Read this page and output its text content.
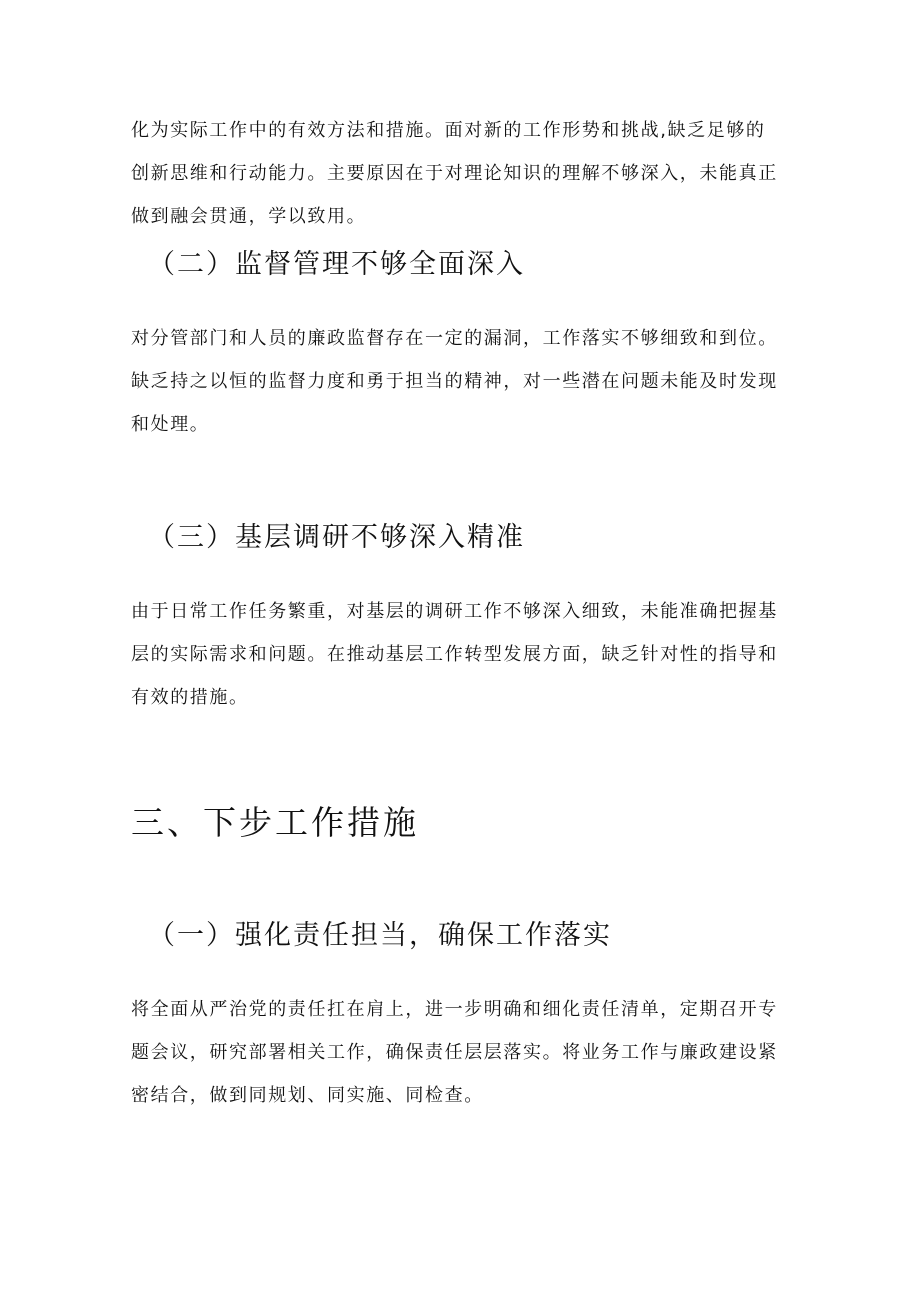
化为实际工作中的有效方法和措施。面对新的工作形势和挑战,缺乏足够的
创新思维和行动能力。主要原因在于对理论知识的理解不够深入，未能真正
做到融会贯通，学以致用。
（二）监督管理不够全面深入
对分管部门和人员的廉政监督存在一定的漏洞，工作落实不够细致和到位。
缺乏持之以恒的监督力度和勇于担当的精神，对一些潜在问题未能及时发现
和处理。
（三）基层调研不够深入精准
由于日常工作任务繁重，对基层的调研工作不够深入细致，未能准确把握基
层的实际需求和问题。在推动基层工作转型发展方面，缺乏针对性的指导和
有效的措施。
三、下步工作措施
（一）强化责任担当，确保工作落实
将全面从严治党的责任扛在肩上，进一步明确和细化责任清单，定期召开专
题会议，研究部署相关工作，确保责任层层落实。将业务工作与廉政建设紧
密结合，做到同规划、同实施、同检查。
